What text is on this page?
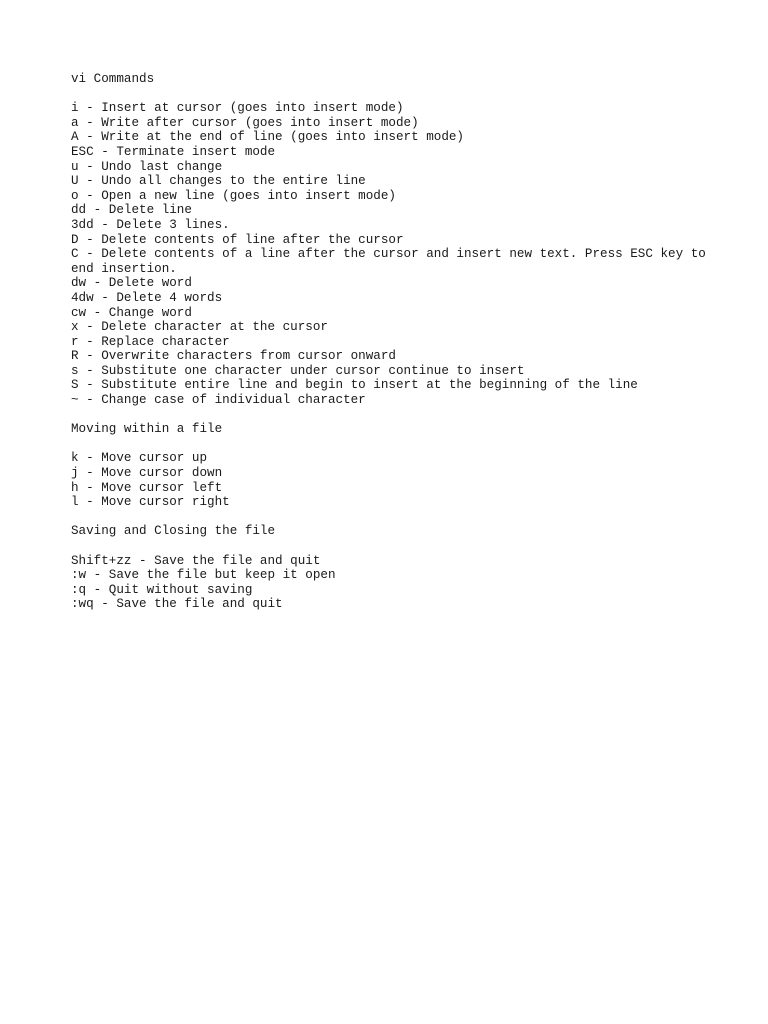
vi Commands
i - Insert at cursor (goes into insert mode)
a - Write after cursor (goes into insert mode)
A - Write at the end of line (goes into insert mode)
ESC - Terminate insert mode
u - Undo last change
U - Undo all changes to the entire line
o - Open a new line (goes into insert mode)
dd - Delete line
3dd - Delete 3 lines.
D - Delete contents of line after the cursor
C - Delete contents of a line after the cursor and insert new text. Press ESC key to end insertion.
dw - Delete word
4dw - Delete 4 words
cw - Change word
x - Delete character at the cursor
r - Replace character
R - Overwrite characters from cursor onward
s - Substitute one character under cursor continue to insert
S - Substitute entire line and begin to insert at the beginning of the line
~ - Change case of individual character
Moving within a file
k - Move cursor up
j - Move cursor down
h - Move cursor left
l - Move cursor right
Saving and Closing the file
Shift+zz - Save the file and quit
:w - Save the file but keep it open
:q - Quit without saving
:wq - Save the file and quit
